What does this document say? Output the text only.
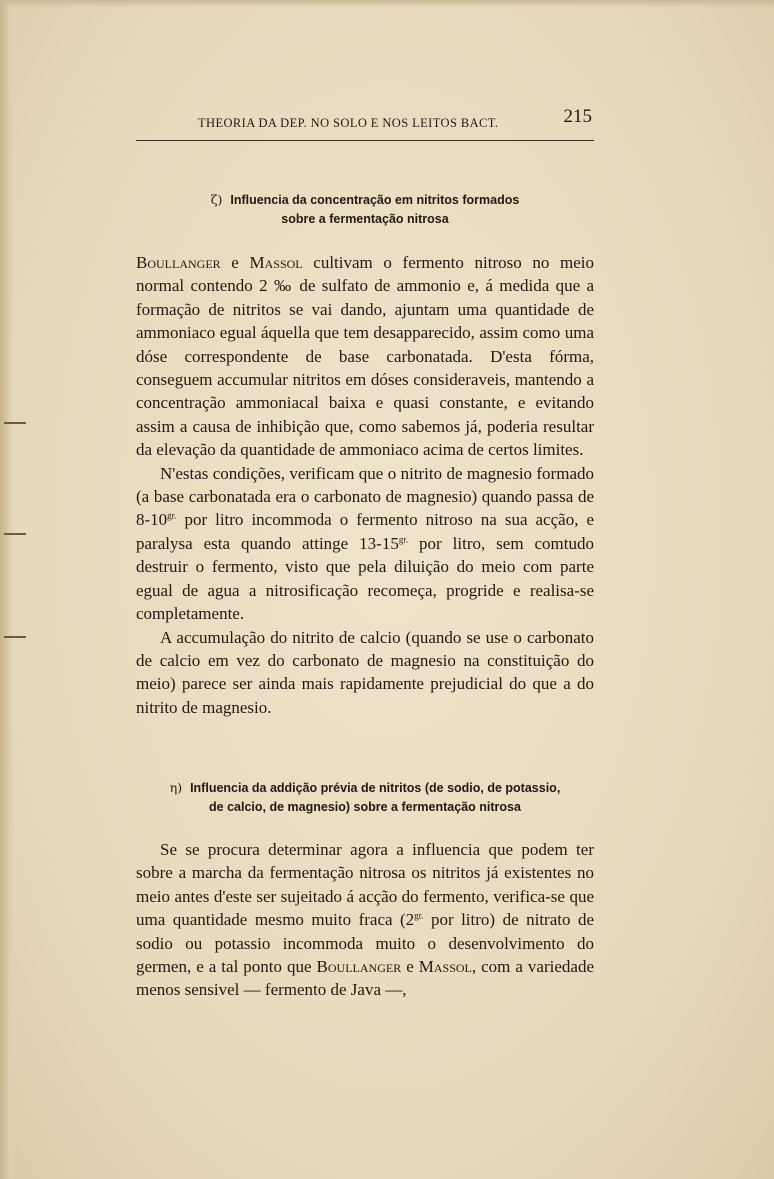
THEORIA DA DEP. NO SOLO E NOS LEITOS BACT.	215
ζ) Influencia da concentração em nitritos formados
sobre a fermentação nitrosa

Boullanger e Massol cultivam o fermento nitroso no meio normal contendo 2 ‰ de sulfato de ammonio e, á medida que a formação de nitritos se vai dando, ajuntam uma quantidade de ammoniaco egual áquella que tem desapparecido, assim como uma dóse correspondente de base carbonatada. D'esta fórma, conseguem accumular nitritos em dóses consideraveis, mantendo a concentração ammoniacal baixa e quasi constante, e evitando assim a causa de inhibição que, como sabemos já, poderia resultar da elevação da quantidade de ammoniaco acima de certos limites.

N'estas condições, verificam que o nitrito de magnesio formado (a base carbonatada era o carbonato de magnesio) quando passa de $8-10^{gr.}$ por litro incommoda o fermento nitroso na sua acção, e paralysa esta quando attinge $13-15^{gr.}$ por litro, sem comtudo destruir o fermento, visto que pela diluição do meio com parte egual de agua a nitrosificação recomeça, progride e realisa-se completamente.

A accumulação do nitrito de calcio (quando se use o carbonato de calcio em vez do carbonato de magnesio na constituição do meio) parece ser ainda mais rapidamente prejudicial do que a do nitrito de magnesio.

η) Influencia da addição prévia de nitritos (de sodio, de potassio,
de calcio, de magnesio) sobre a fermentação nitrosa

Se se procura determinar agora a influencia que podem ter sobre a marcha da fermentação nitrosa os nitritos já existentes no meio antes d'este ser sujeitado á acção do fermento, verifica-se que uma quantidade mesmo muito fraca ($2^{gr.}$ por litro) de nitrato de sodio ou potassio incommoda muito o desenvolvimento do germen, e a tal ponto que Boullanger e Massol, com a variedade menos sensivel — fermento de Java —,
